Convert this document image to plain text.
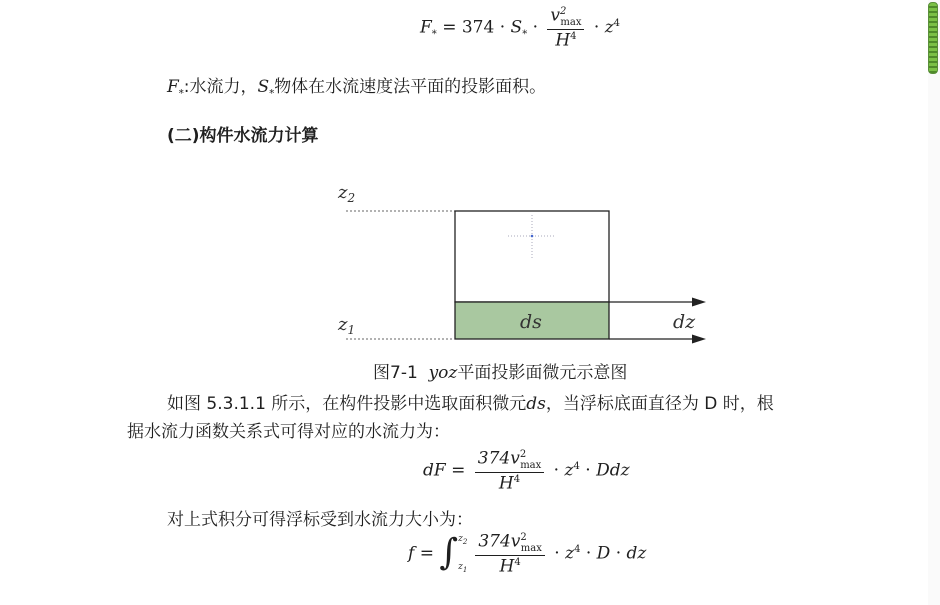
$F_* = 374 \cdot S_* \cdot \frac{v^2_{max}}{H^4} \cdot z^4$
$F_*$:水流力，$S_*$物体在水流速度法平面的投影面积。
(二)构件水流力计算
$z_2$
ds
$z_1$	dz
图7-1  yoz平面投影面微元示意图
如图 5.3.1.1 所示，在构件投影中选取面积微元ds，当浮标底面直径为 D 时，根
据水流力函数关系式可得对应的水流力为：
dF = $\frac{374v^2_{max}}{H^4} \cdot z^4$ · Ddz
对上式积分可得浮标受到水流力大小为：
f = ∫ $z_2$
$z_1 \frac{374v^2_{max}}{H^4} \cdot z^4 \cdot D$ · dz
